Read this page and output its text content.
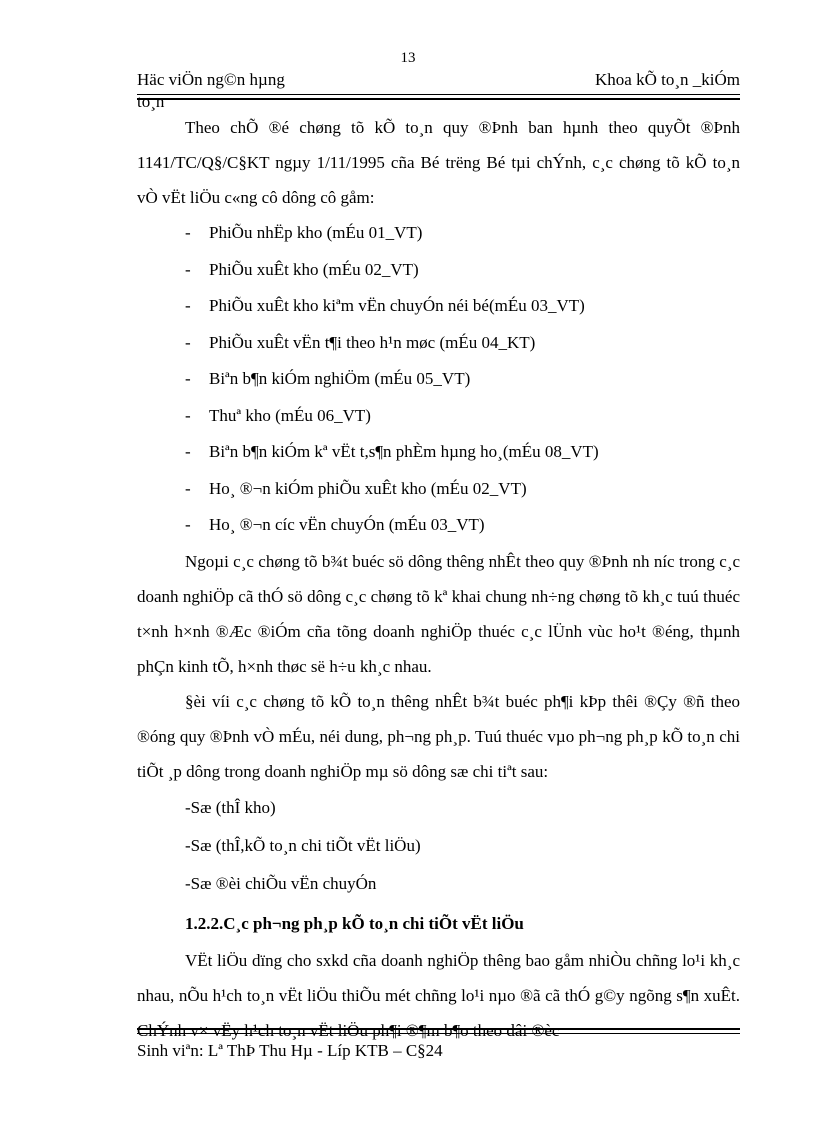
13
Häc viÖn ng©n hµng	Khoa kÕ to¸n _kiÓm
to¸n

Theo chÕ ®é chøng tõ kÕ to¸n quy ®Þnh ban hµnh theo quyÕt ®Þnh 1141/TC/Q§/C§KT ngµy 1/11/1995 cña Bé trëng Bé tµi chÝnh, c¸c chøng tõ kÕ to¸n vÒ vËt liÖu c«ng cô dông cô gåm:

- PhiÕu nhËp kho (mÉu 01_VT)
- PhiÕu xuÊt kho (mÉu 02_VT)
- PhiÕu xuÊt kho kiªm vËn chuyÓn néi bé(mÉu 03_VT)
- PhiÕu xuÊt vËn t¶i theo h¹n møc (mÉu 04_KT)
- Biªn b¶n kiÓm nghiÖm (mÉu 05_VT)
- Thuª kho (mÉu 06_VT)
- Biªn b¶n kiÓm kª vËt t,s¶n phÈm hµng ho¸(mÉu 08_VT)
- Ho¸ ®¬n kiÓm phiÕu xuÊt kho (mÉu 02_VT)
- Ho¸ ®¬n cíc vËn chuyÓn (mÉu 03_VT)

Ngoµi c¸c chøng tõ b¾t buéc sö dông thêng nhÊt theo quy ®Þnh nh níc trong c¸c doanh nghiÖp cã thÓ sö dông c¸c chøng tõ kª khai chung nh÷ng chøng tõ kh¸c tuú thuéc t×nh h×nh ®Æc ®iÓm cña tõng doanh nghiÖp thuéc c¸c lÜnh vùc ho¹t ®éng, thµnh phÇn kinh tÕ, h×nh thøc së h÷u kh¸c nhau.

§èi víi c¸c chøng tõ kÕ to¸n thêng nhÊt b¾t buéc ph¶i kÞp thêi ®Çy ®ñ theo ®óng quy ®Þnh vÒ mÉu, néi dung, ph¬ng ph¸p. Tuú thuéc vµo ph¬ng ph¸p kÕ to¸n chi tiÕt ¸p dông trong doanh nghiÖp mµ sö dông sæ chi tiªt sau:

-Sæ (thÎ kho)

-Sæ (thÎ,kÕ to¸n chi tiÕt vËt liÖu)

-Sæ ®èi chiÕu vËn chuyÓn

1.2.2.C¸c ph¬ng ph¸p kÕ to¸n chi tiÕt vËt liÖu

VËt liÖu dïng cho sxkd cña doanh nghiÖp thêng bao gåm nhiÒu chñng lo¹i kh¸c nhau, nÕu h¹ch to¸n vËt liÖu thiÕu mét chñng lo¹i nµo ®ã cã thÓ g©y ngõng s¶n xuÊt. ChÝnh v× vËy h¹ch to¸n vËt liÖu ph¶i ®¶m b¶o theo dâi ®èc

Sinh viªn: Lª ThÞ Thu Hµ - Líp KTB – C§24
